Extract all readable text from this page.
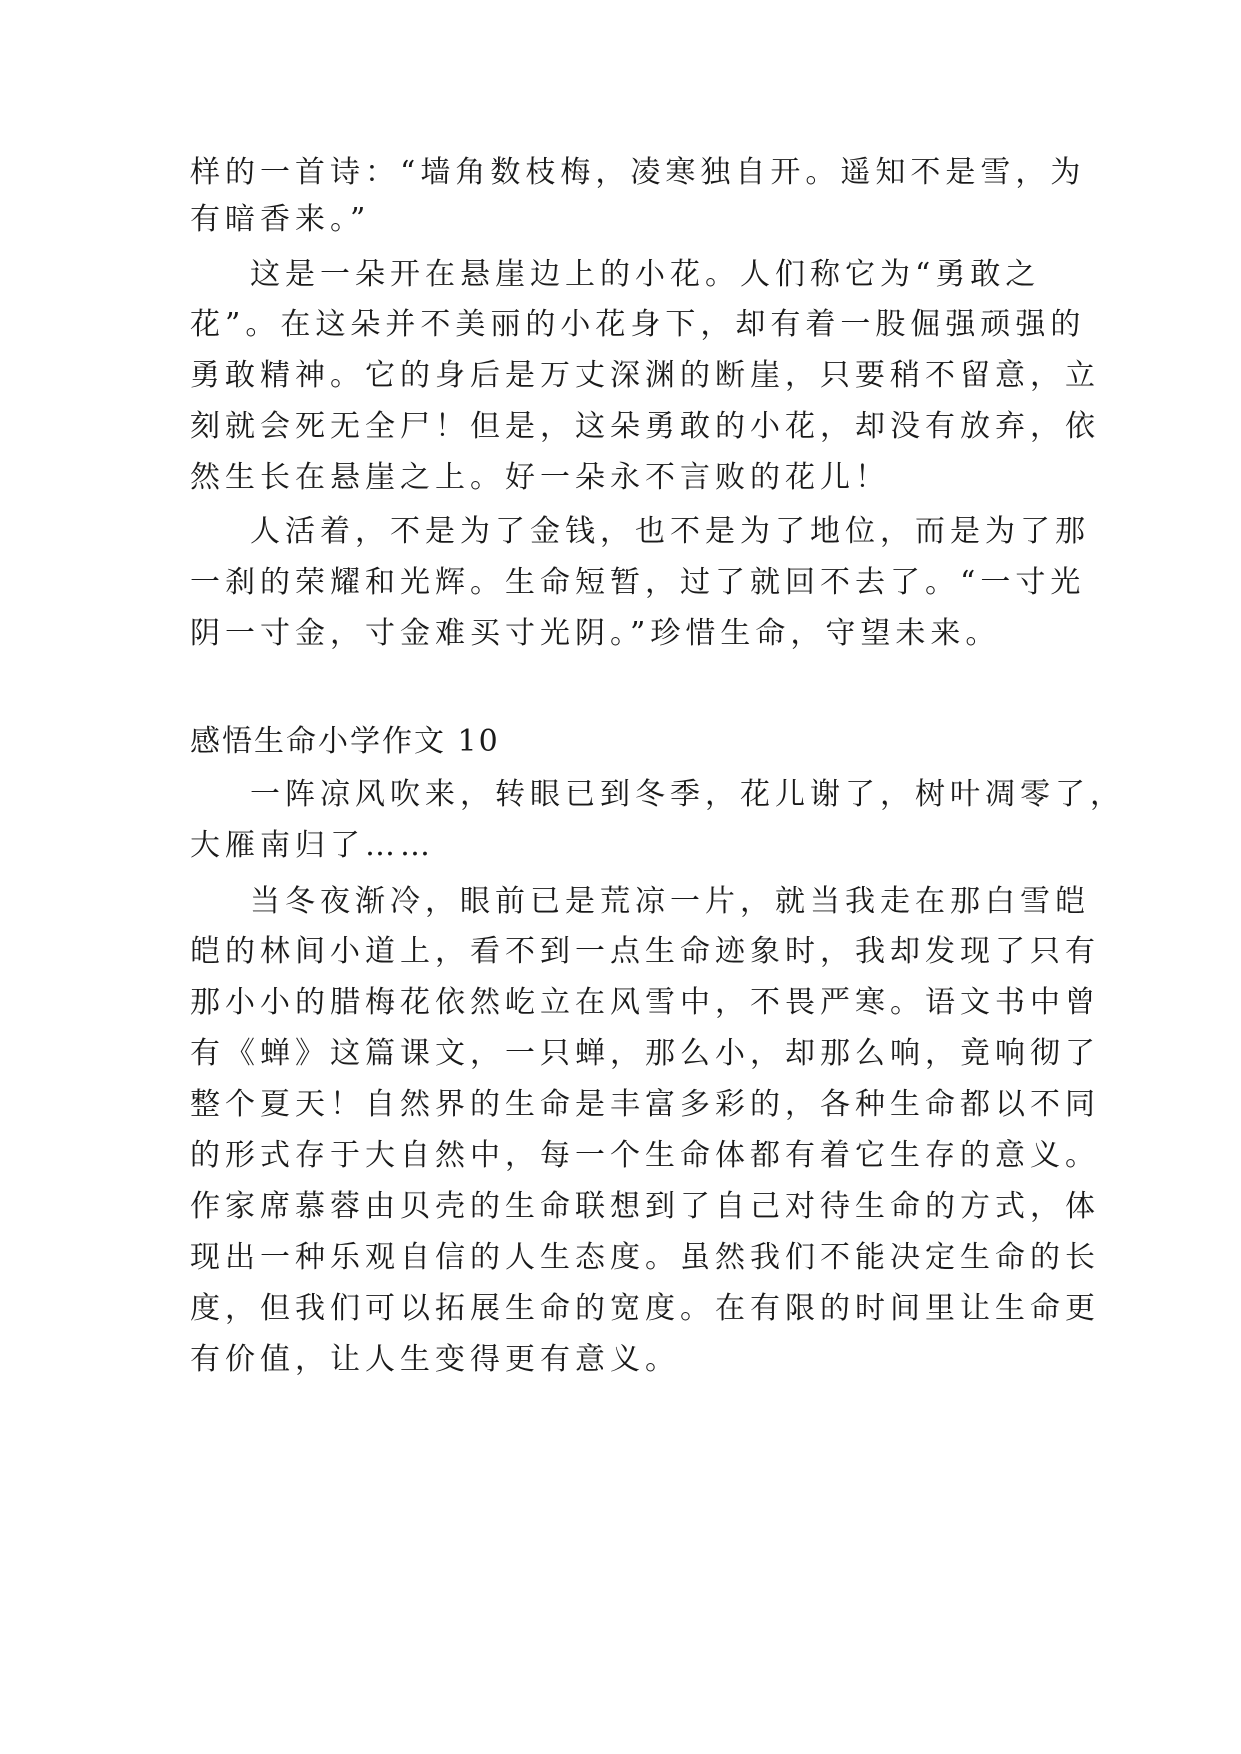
样的一首诗：“墙角数枝梅，凌寒独自开。遥知不是雪，为
有暗香来。”
这是一朵开在悬崖边上的小花。人们称它为“勇敢之
花”。在这朵并不美丽的小花身下，却有着一股倔强顽强的
勇敢精神。它的身后是万丈深渊的断崖，只要稍不留意，立
刻就会死无全尸！但是，这朵勇敢的小花，却没有放弃，依
然生长在悬崖之上。好一朵永不言败的花儿！
人活着，不是为了金钱，也不是为了地位，而是为了那
一刹的荣耀和光辉。生命短暂，过了就回不去了。“一寸光
阴一寸金，寸金难买寸光阴。”珍惜生命，守望未来。
感悟生命小学作文 10
一阵凉风吹来，转眼已到冬季，花儿谢了，树叶凋零了，
大雁南归了……
当冬夜渐冷，眼前已是荒凉一片，就当我走在那白雪皑
皑的林间小道上，看不到一点生命迹象时，我却发现了只有
那小小的腊梅花依然屹立在风雪中，不畏严寒。语文书中曾
有《蝉》这篇课文，一只蝉，那么小，却那么响，竟响彻了
整个夏天！自然界的生命是丰富多彩的，各种生命都以不同
的形式存于大自然中，每一个生命体都有着它生存的意义。
作家席慕蓉由贝壳的生命联想到了自己对待生命的方式，体
现出一种乐观自信的人生态度。虽然我们不能决定生命的长
度，但我们可以拓展生命的宽度。在有限的时间里让生命更
有价值，让人生变得更有意义。
